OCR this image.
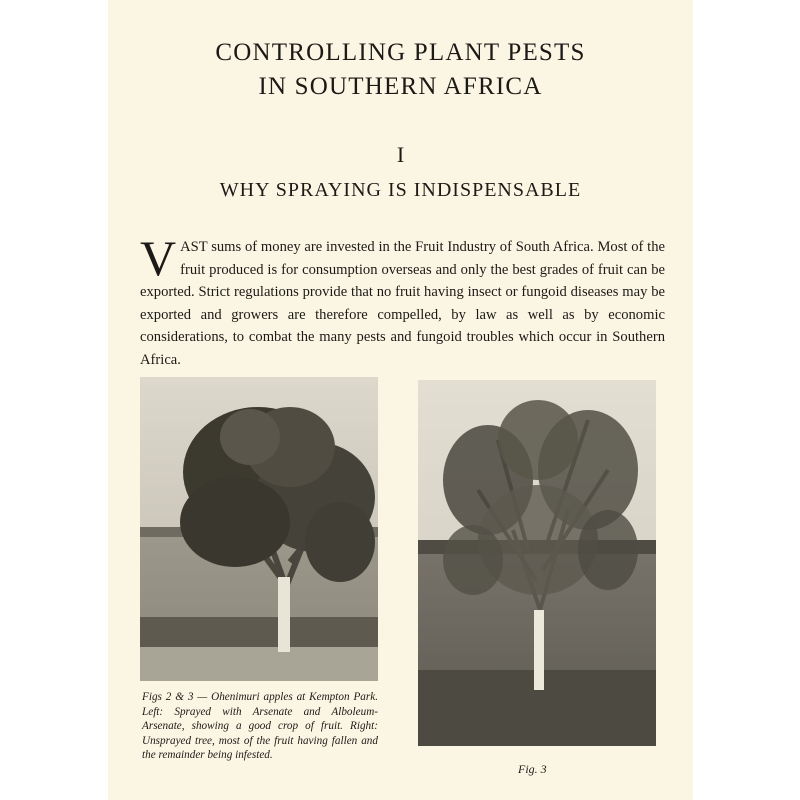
CONTROLLING PLANT PESTS
IN SOUTHERN AFRICA
I
WHY SPRAYING IS INDISPENSABLE

VAST sums of money are invested in the Fruit Industry of South Africa. Most of the fruit produced is for consumption overseas and only the best grades of fruit can be exported. Strict regulations provide that no fruit having insect or fungoid diseases may be exported and growers are therefore compelled, by law as well as by economic considerations, to combat the many pests and fungoid troubles which occur in Southern Africa.

Figs 2 & 3 — Ohenimuri apples at Kempton Park. Left: Sprayed with Arsenate and Alboleum-Arsenate, showing a good crop of fruit. Right: Unsprayed tree, most of the fruit having fallen and the remainder being infested.

Fig. 3
